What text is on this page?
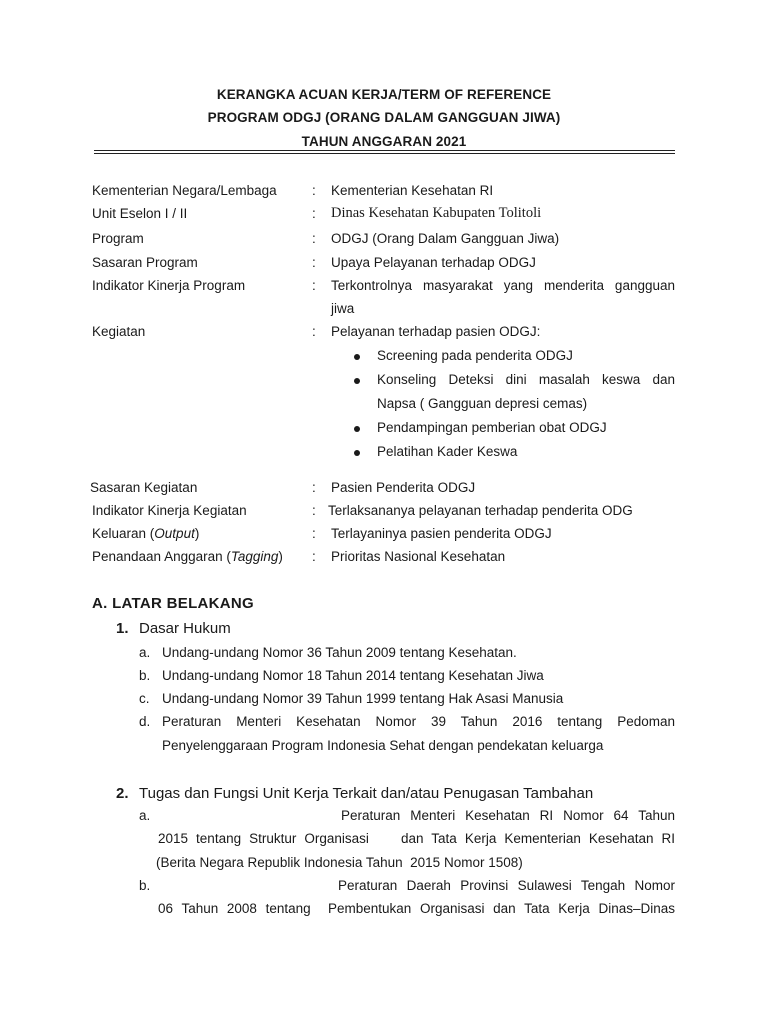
KERANGKA ACUAN KERJA/TERM OF REFERENCE
PROGRAM ODGJ (ORANG DALAM GANGGUAN JIWA)
TAHUN ANGGARAN 2021
Kementerian Negara/Lembaga	: Kementerian Kesehatan RI
Unit Eselon I / II	: Dinas Kesehatan Kabupaten Tolitoli
Program	: ODGJ (Orang Dalam Gangguan Jiwa)
Sasaran Program	: Upaya Pelayanan terhadap ODGJ
Indikator Kinerja Program	: Terkontrolnya masyarakat yang menderita gangguan
jiwa
Kegiatan	: Pelayanan terhadap pasien ODGJ:
Screening pada penderita ODGJ
Konseling Deteksi dini masalah keswa dan
Napsa ( Gangguan depresi cemas)
Pendampingan pemberian obat ODGJ
Pelatihan Kader Keswa
Sasaran Kegiatan	: Pasien Penderita ODGJ
Indikator Kinerja Kegiatan	: Terlaksananya pelayanan terhadap penderita ODG
Keluaran (Output)	: Terlayaninya pasien penderita ODGJ
Penandaan Anggaran (Tagging) : Prioritas Nasional Kesehatan
A. LATAR BELAKANG
1. Dasar Hukum
a. Undang-undang Nomor 36 Tahun 2009 tentang Kesehatan.
b. Undang-undang Nomor 18 Tahun 2014 tentang Kesehatan Jiwa
c. Undang-undang Nomor 39 Tahun 1999 tentang Hak Asasi Manusia
d. Peraturan Menteri Kesehatan Nomor 39 Tahun 2016 tentang Pedoman
Penyelenggaraan Program Indonesia Sehat dengan pendekatan keluarga
2. Tugas dan Fungsi Unit Kerja Terkait dan/atau Penugasan Tambahan
a.	Peraturan Menteri Kesehatan RI Nomor 64 Tahun
2015 tentang Struktur Organisasi    dan Tata Kerja Kementerian Kesehatan RI
(Berita Negara Republik Indonesia Tahun  2015 Nomor 1508)
b.	Peraturan Daerah Provinsi Sulawesi Tengah Nomor
06 Tahun 2008 tentang  Pembentukan Organisasi dan Tata Kerja Dinas–Dinas
